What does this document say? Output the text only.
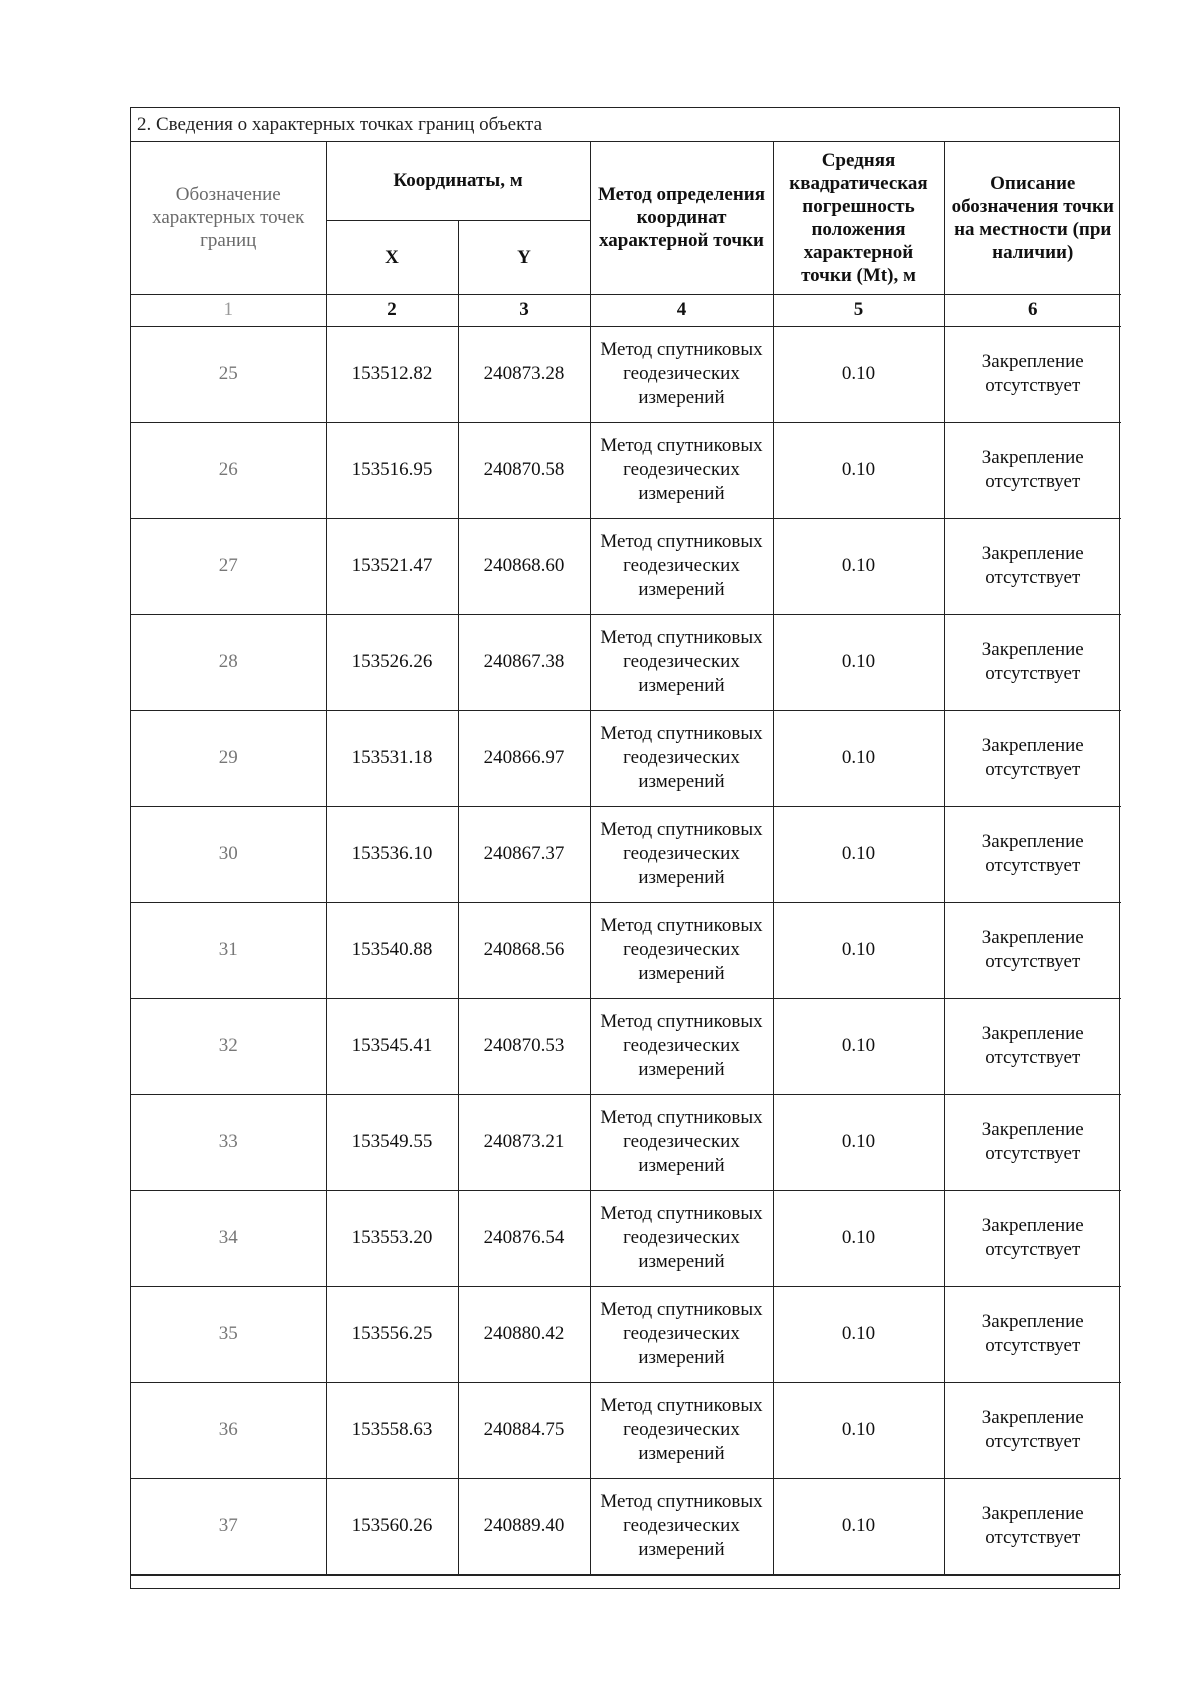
2. Сведения о характерных точках границ объекта
Обозначение характерных точек границ	Координаты, м		Метод определения координат характерной точки	Средняя квадратическая погрешность положения характерной точки (Mt), м	Описание обозначения точки на местности (при наличии)
	X	Y			
1	2	3	4	5	6
25	153512.82	240873.28	Метод спутниковых геодезических измерений	0.10	Закрепление отсутствует
26	153516.95	240870.58	Метод спутниковых геодезических измерений	0.10	Закрепление отсутствует
27	153521.47	240868.60	Метод спутниковых геодезических измерений	0.10	Закрепление отсутствует
28	153526.26	240867.38	Метод спутниковых геодезических измерений	0.10	Закрепление отсутствует
29	153531.18	240866.97	Метод спутниковых геодезических измерений	0.10	Закрепление отсутствует
30	153536.10	240867.37	Метод спутниковых геодезических измерений	0.10	Закрепление отсутствует
31	153540.88	240868.56	Метод спутниковых геодезических измерений	0.10	Закрепление отсутствует
32	153545.41	240870.53	Метод спутниковых геодезических измерений	0.10	Закрепление отсутствует
33	153549.55	240873.21	Метод спутниковых геодезических измерений	0.10	Закрепление отсутствует
34	153553.20	240876.54	Метод спутниковых геодезических измерений	0.10	Закрепление отсутствует
35	153556.25	240880.42	Метод спутниковых геодезических измерений	0.10	Закрепление отсутствует
36	153558.63	240884.75	Метод спутниковых геодезических измерений	0.10	Закрепление отсутствует
37	153560.26	240889.40	Метод спутниковых геодезических измерений	0.10	Закрепление отсутствует
